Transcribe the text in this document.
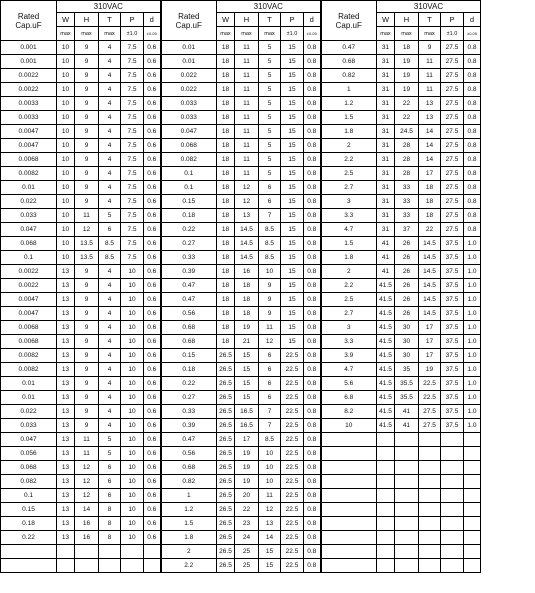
Rated
Cap.uF	310VAC					Rated
Cap.uF	310VAC					Rated
Cap.uF	310VAC				
	W	H	T	P	d		W	H	T	P	d		W	H	T	P	d
	max	max	max	±1.0	±0.05		max	max	max	±1.0	±0.05		max	max	max	±1.0	±0.05
0.001	10	9	4	7.5	0.6	0.01	18	11	5	15	0.8	0.47	31	18	9	27.5	0.8
0.001	10	9	4	7.5	0.6	0.01	18	11	5	15	0.8	0.68	31	19	11	27.5	0.8
0.0022	10	9	4	7.5	0.6	0.022	18	11	5	15	0.8	0.82	31	19	11	27.5	0.8
0.0022	10	9	4	7.5	0.6	0.022	18	11	5	15	0.8	1	31	19	11	27.5	0.8
0.0033	10	9	4	7.5	0.6	0.033	18	11	5	15	0.8	1.2	31	22	13	27.5	0.8
0.0033	10	9	4	7.5	0.6	0.033	18	11	5	15	0.8	1.5	31	22	13	27.5	0.8
0.0047	10	9	4	7.5	0.6	0.047	18	11	5	15	0.8	1.8	31	24.5	14	27.5	0.8
0.0047	10	9	4	7.5	0.6	0.068	18	11	5	15	0.8	2	31	28	14	27.5	0.8
0.0068	10	9	4	7.5	0.6	0.082	18	11	5	15	0.8	2.2	31	28	14	27.5	0.8
0.0082	10	9	4	7.5	0.6	0.1	18	11	5	15	0.8	2.5	31	28	17	27.5	0.8
0.01	10	9	4	7.5	0.6	0.1	18	12	6	15	0.8	2.7	31	33	18	27.5	0.8
0.022	10	9	4	7.5	0.6	0.15	18	12	6	15	0.8	3	31	33	18	27.5	0.8
0.033	10	11	5	7.5	0.6	0.18	18	13	7	15	0.8	3.3	31	33	18	27.5	0.8
0.047	10	12	6	7.5	0.6	0.22	18	14.5	8.5	15	0.8	4.7	31	37	22	27.5	0.8
0.068	10	13.5	8.5	7.5	0.6	0.27	18	14.5	8.5	15	0.8	1.5	41	26	14.5	37.5	1.0
0.1	10	13.5	8.5	7.5	0.6	0.33	18	14.5	8.5	15	0.8	1.8	41	26	14.5	37.5	1.0
0.0022	13	9	4	10	0.6	0.39	18	16	10	15	0.8	2	41	26	14.5	37.5	1.0
0.0022	13	9	4	10	0.6	0.47	18	18	9	15	0.8	2.2	41.5	26	14.5	37.5	1.0
0.0047	13	9	4	10	0.6	0.47	18	18	9	15	0.8	2.5	41.5	26	14.5	37.5	1.0
0.0047	13	9	4	10	0.6	0.56	18	18	9	15	0.8	2.7	41.5	26	14.5	37.5	1.0
0.0068	13	9	4	10	0.6	0.68	18	19	11	15	0.8	3	41.5	30	17	37.5	1.0
0.0068	13	9	4	10	0.6	0.68	18	21	12	15	0.8	3.3	41.5	30	17	37.5	1.0
0.0082	13	9	4	10	0.6	0.15	26.5	15	6	22.5	0.8	3.9	41.5	30	17	37.5	1.0
0.0082	13	9	4	10	0.6	0.18	26.5	15	6	22.5	0.8	4.7	41.5	35	19	37.5	1.0
0.01	13	9	4	10	0.6	0.22	26.5	15	6	22.5	0.8	5.6	41.5	35.5	22.5	37.5	1.0
0.01	13	9	4	10	0.6	0.27	26.5	15	6	22.5	0.8	6.8	41.5	35.5	22.5	37.5	1.0
0.022	13	9	4	10	0.6	0.33	26.5	16.5	7	22.5	0.8	8.2	41.5	41	27.5	37.5	1.0
0.033	13	9	4	10	0.6	0.39	26.5	16.5	7	22.5	0.8	10	41.5	41	27.5	37.5	1.0
0.047	13	11	5	10	0.6	0.47	26.5	17	8.5	22.5	0.8						
0.056	13	11	5	10	0.6	0.56	26.5	19	10	22.5	0.8						
0.068	13	12	6	10	0.6	0.68	26.5	19	10	22.5	0.8						
0.082	13	12	6	10	0.6	0.82	26.5	19	10	22.5	0.8						
0.1	13	12	6	10	0.6	1	26.5	20	11	22.5	0.8						
0.15	13	14	8	10	0.6	1.2	26.5	22	12	22.5	0.8						
0.18	13	16	8	10	0.6	1.5	26.5	23	13	22.5	0.8						
0.22	13	16	8	10	0.6	1.8	26.5	24	14	22.5	0.8						
						2	26.5	25	15	22.5	0.8						
						2.2	26.5	25	15	22.5	0.8						
